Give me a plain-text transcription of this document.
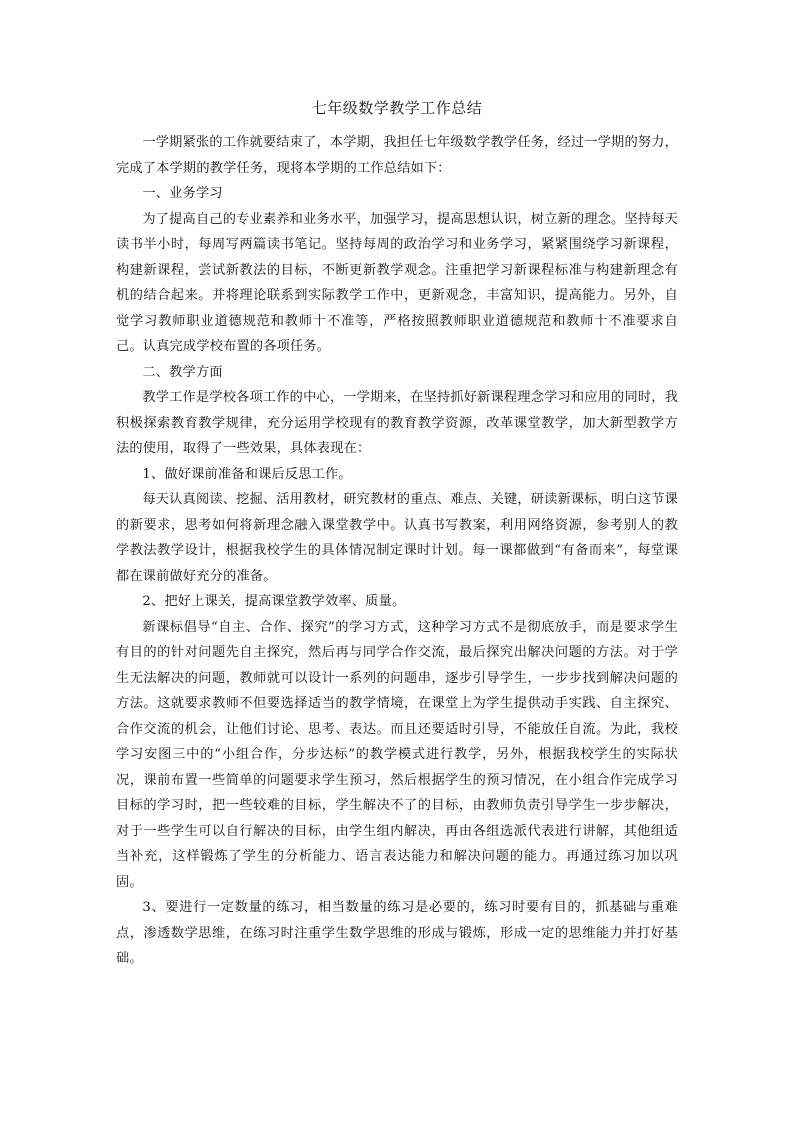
七年级数学教学工作总结

一学期紧张的工作就要结束了，本学期，我担任七年级数学教学任务，经过一学期的努力，完成了本学期的教学任务，现将本学期的工作总结如下：

一、业务学习

为了提高自己的专业素养和业务水平，加强学习，提高思想认识，树立新的理念。坚持每天读书半小时，每周写两篇读书笔记。坚持每周的政治学习和业务学习，紧紧围绕学习新课程，构建新课程，尝试新教法的目标，不断更新教学观念。注重把学习新课程标准与构建新理念有机的结合起来。并将理论联系到实际教学工作中，更新观念，丰富知识，提高能力。另外，自觉学习教师职业道德规范和教师十不准等，严格按照教师职业道德规范和教师十不准要求自己。认真完成学校布置的各项任务。

二、教学方面

教学工作是学校各项工作的中心，一学期来，在坚持抓好新课程理念学习和应用的同时，我积极探索教育教学规律，充分运用学校现有的教育教学资源，改革课堂教学，加大新型教学方法的使用，取得了一些效果，具体表现在：

1、做好课前准备和课后反思工作。

每天认真阅读、挖掘、活用教材，研究教材的重点、难点、关键，研读新课标，明白这节课的新要求，思考如何将新理念融入课堂教学中。认真书写教案，利用网络资源，参考别人的教学教法教学设计，根据我校学生的具体情况制定课时计划。每一课都做到“有备而来”，每堂课都在课前做好充分的准备。

2、把好上课关，提高课堂教学效率、质量。

新课标倡导“自主、合作、探究”的学习方式，这种学习方式不是彻底放手，而是要求学生有目的的针对问题先自主探究，然后再与同学合作交流，最后探究出解决问题的方法。对于学生无法解决的问题，教师就可以设计一系列的问题串，逐步引导学生，一步步找到解决问题的方法。这就要求教师不但要选择适当的教学情境，在课堂上为学生提供动手实践、自主探究、合作交流的机会，让他们讨论、思考、表达。而且还要适时引导，不能放任自流。为此，我校学习安图三中的“小组合作，分步达标”的教学模式进行教学，另外，根据我校学生的实际状况，课前布置一些简单的问题要求学生预习，然后根据学生的预习情况，在小组合作完成学习目标的学习时，把一些较难的目标，学生解决不了的目标，由教师负责引导学生一步步解决，对于一些学生可以自行解决的目标，由学生组内解决，再由各组选派代表进行讲解，其他组适当补充，这样锻炼了学生的分析能力、语言表达能力和解决问题的能力。再通过练习加以巩固。

3、要进行一定数量的练习，相当数量的练习是必要的，练习时要有目的，抓基础与重难点，渗透数学思维，在练习时注重学生数学思维的形成与锻炼，形成一定的思维能力并打好基础。
